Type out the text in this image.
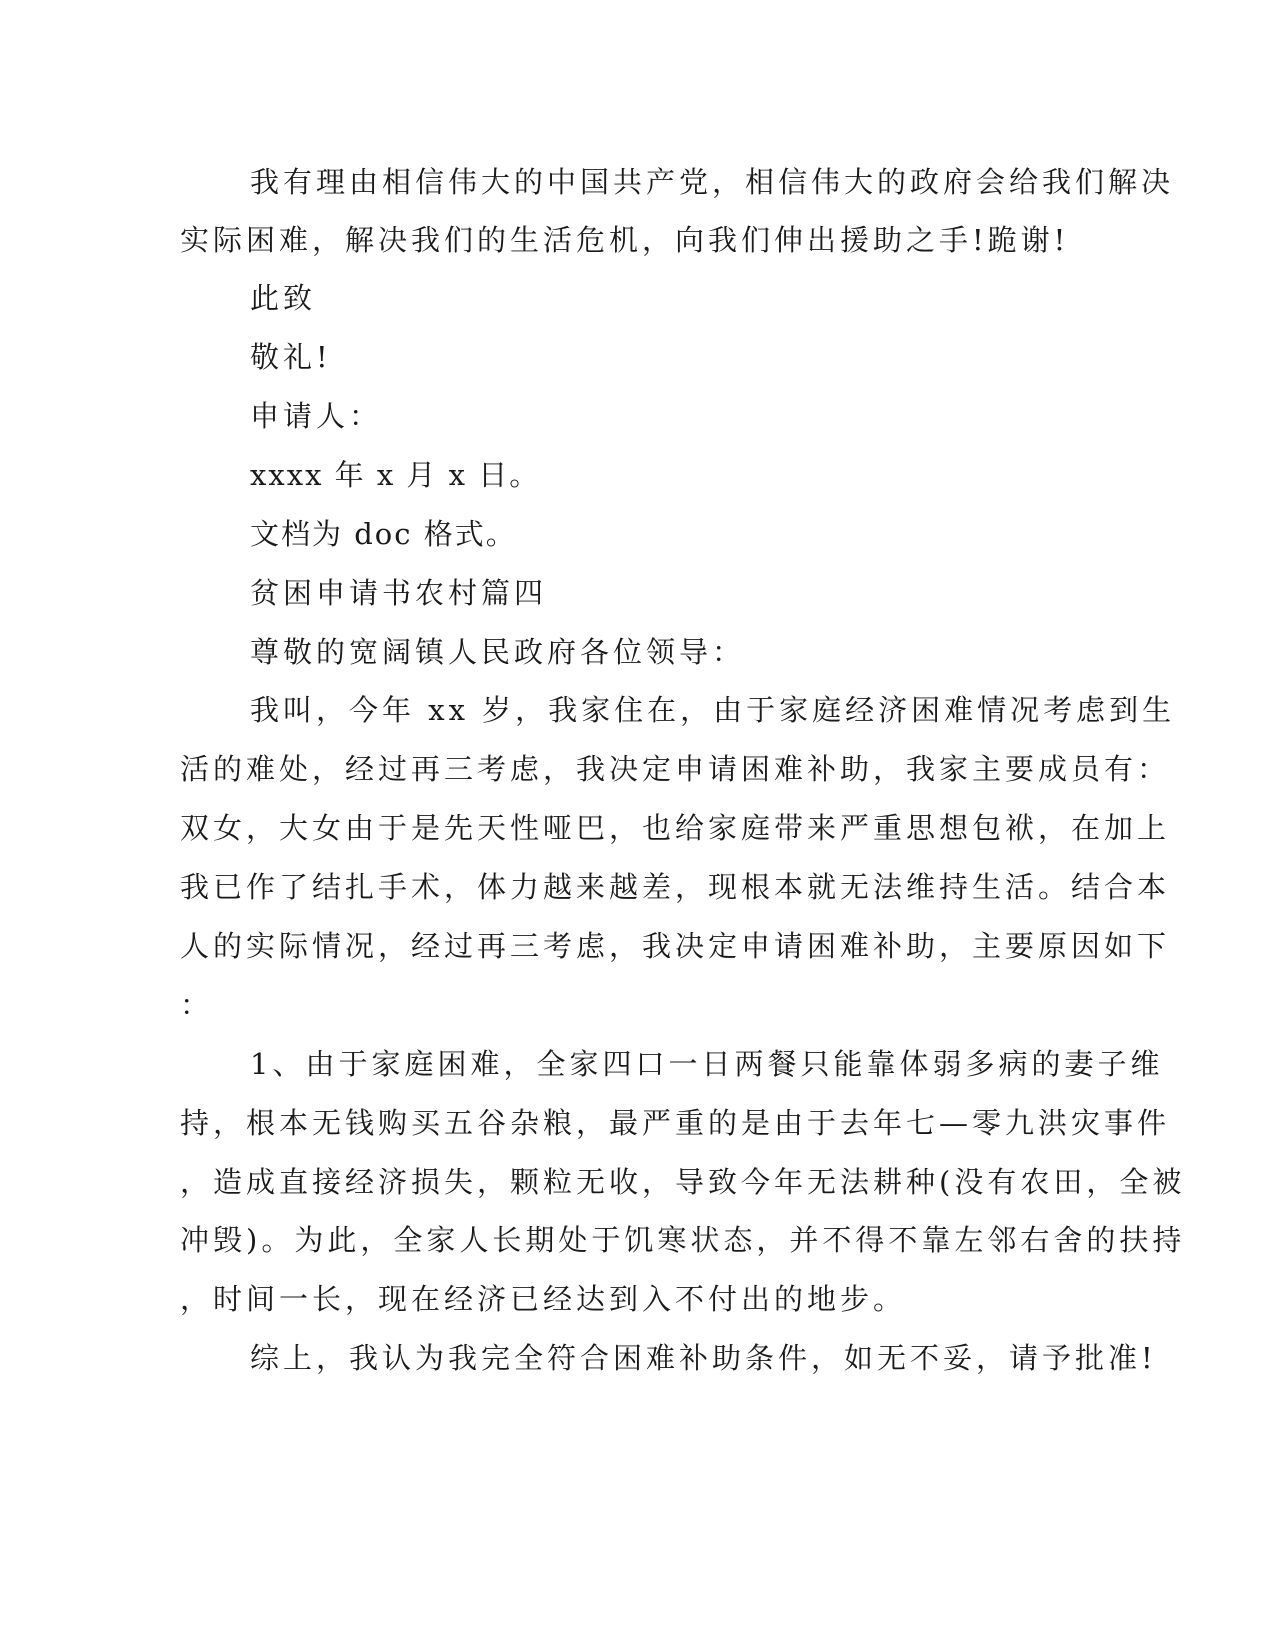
我有理由相信伟大的中国共产党，相信伟大的政府会给我们解决
实际困难，解决我们的生活危机，向我们伸出援助之手!跪谢!
此致
敬礼!
申请人：
xxxx 年 x 月 x 日。
文档为 doc 格式。
贫困申请书农村篇四
尊敬的宽阔镇人民政府各位领导：
我叫，今年 xx 岁，我家住在，由于家庭经济困难情况考虑到生
活的难处，经过再三考虑，我决定申请困难补助，我家主要成员有：
双女，大女由于是先天性哑巴，也给家庭带来严重思想包袱，在加上
我已作了结扎手术，体力越来越差，现根本就无法维持生活。结合本
人的实际情况，经过再三考虑，我决定申请困难补助，主要原因如下
：
1、由于家庭困难，全家四口一日两餐只能靠体弱多病的妻子维
持，根本无钱购买五谷杂粮，最严重的是由于去年七—零九洪灾事件
，造成直接经济损失，颗粒无收，导致今年无法耕种(没有农田，全被
冲毁)。为此，全家人长期处于饥寒状态，并不得不靠左邻右舍的扶持
，时间一长，现在经济已经达到入不付出的地步。
综上，我认为我完全符合困难补助条件，如无不妥，请予批准!
